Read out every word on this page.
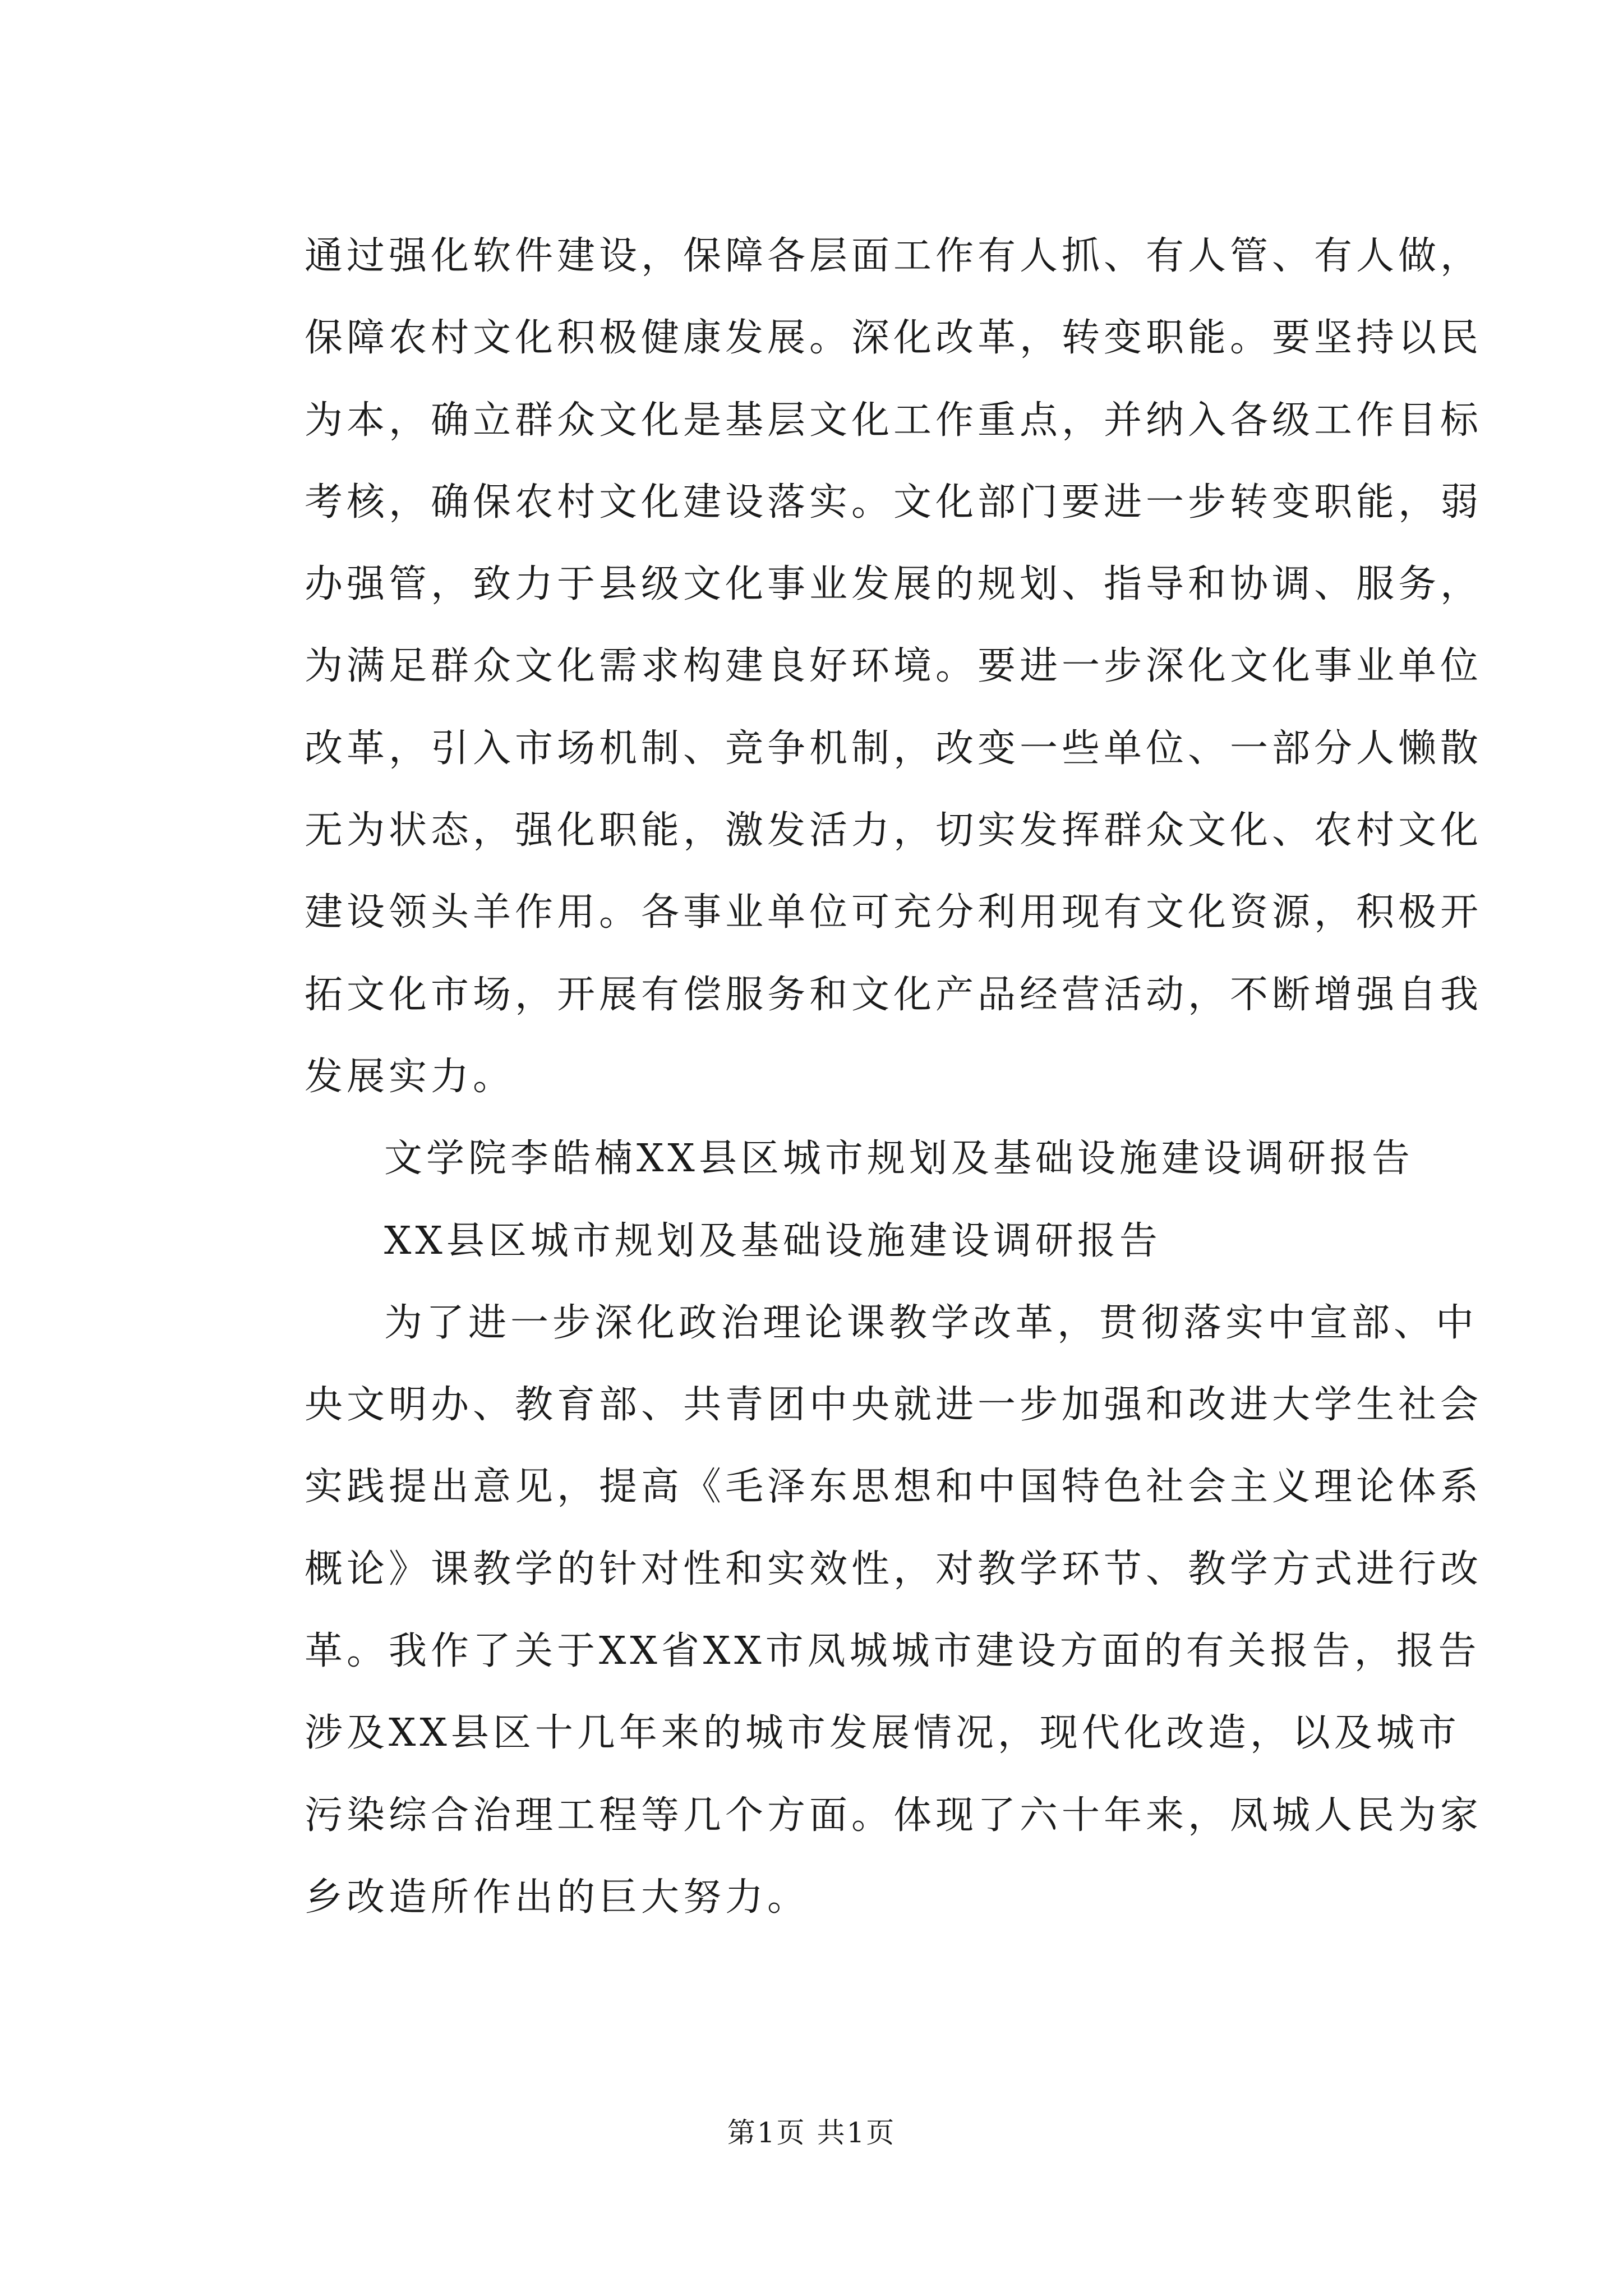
通过强化软件建设，保障各层面工作有人抓、有人管、有人做，
保障农村文化积极健康发展。深化改革，转变职能。要坚持以民
为本，确立群众文化是基层文化工作重点，并纳入各级工作目标
考核，确保农村文化建设落实。文化部门要进一步转变职能，弱
办强管，致力于县级文化事业发展的规划、指导和协调、服务，
为满足群众文化需求构建良好环境。要进一步深化文化事业单位
改革，引入市场机制、竞争机制，改变一些单位、一部分人懒散
无为状态，强化职能，激发活力，切实发挥群众文化、农村文化
建设领头羊作用。各事业单位可充分利用现有文化资源，积极开
拓文化市场，开展有偿服务和文化产品经营活动，不断增强自我
发展实力。
文学院李皓楠XX县区城市规划及基础设施建设调研报告
XX县区城市规划及基础设施建设调研报告
为了进一步深化政治理论课教学改革，贯彻落实中宣部、中
央文明办、教育部、共青团中央就进一步加强和改进大学生社会
实践提出意见，提高《毛泽东思想和中国特色社会主义理论体系
概论》课教学的针对性和实效性，对教学环节、教学方式进行改
革。我作了关于XX省XX市凤城城市建设方面的有关报告，报告
涉及XX县区十几年来的城市发展情况，现代化改造，以及城市
污染综合治理工程等几个方面。体现了六十年来，凤城人民为家
乡改造所作出的巨大努力。
第1页 共1页
